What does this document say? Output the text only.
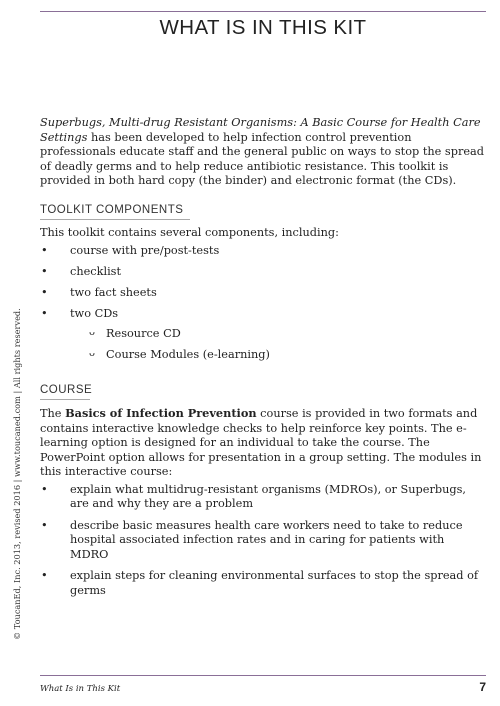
WHAT IS IN THIS KIT

Superbugs, Multi-drug Resistant Organisms: A Basic Course for Health Care Settings has been developed to help infection control prevention professionals educate staff and the general public on ways to stop the spread of deadly germs and to help reduce antibiotic resistance. This toolkit is provided in both hard copy (the binder) and electronic format (the CDs).

TOOLKIT COMPONENTS

This toolkit contains several components, including:

• course with pre/post-tests
• checklist
• two fact sheets
• two CDs
ᴗ Resource CD
ᴗ Course Modules (e-learning)
COURSE

The Basics of Infection Prevention course is provided in two formats and contains interactive knowledge checks to help reinforce key points. The e-learning option is designed for an individual to take the course. The PowerPoint option allows for presentation in a group setting. The modules in this interactive course:

• explain what multidrug-resistant organisms (MDROs), or Superbugs, are and why they are a problem
• describe basic measures health care workers need to take to reduce hospital associated infection rates and in caring for patients with MDRO
• explain steps for cleaning environmental surfaces to stop the spread of germs
© ToucanEd, Inc. 2013, revised 2016 | www.toucaned.com | All rights reserved.
What Is in This Kit	7
